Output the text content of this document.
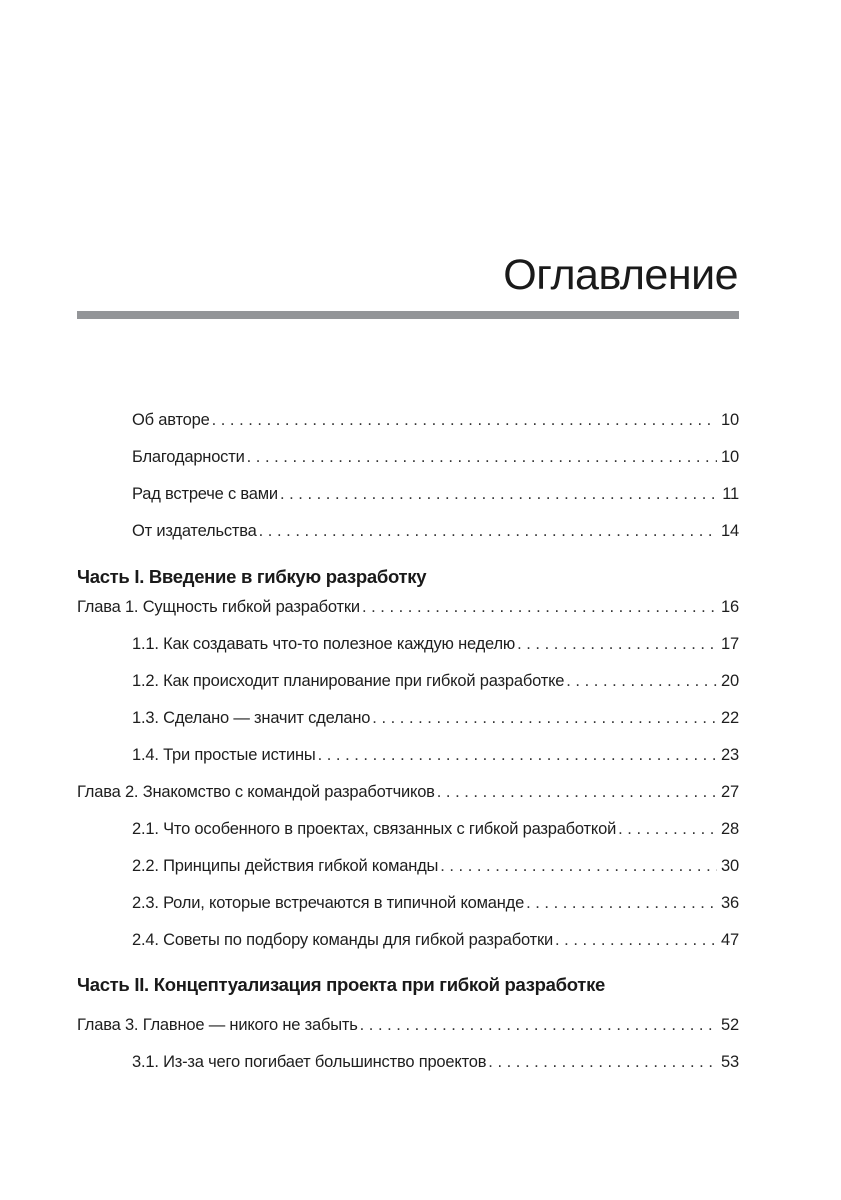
Оглавление
Об авторе . . .	10
Благодарности . . .	10
Рад встрече с вами . . .	11
От издательства . . .	14
Часть I. Введение в гибкую разработку
Глава 1. Сущность гибкой разработки . . .	16
1.1. Как создавать что-то полезное каждую неделю . . .	17
1.2. Как происходит планирование при гибкой разработке . . .	20
1.3. Сделано — значит сделано . . .	22
1.4. Три простые истины . . .	23
Глава 2. Знакомство с командой разработчиков . . .	27
2.1. Что особенного в проектах, связанных с гибкой разработкой . . .	28
2.2. Принципы действия гибкой команды . . .	30
2.3. Роли, которые встречаются в типичной команде . . .	36
2.4. Советы по подбору команды для гибкой разработки . . .	47
Часть II. Концептуализация проекта при гибкой разработке
Глава 3. Главное — никого не забыть . . .	52
3.1. Из-за чего погибает большинство проектов . . .	53
